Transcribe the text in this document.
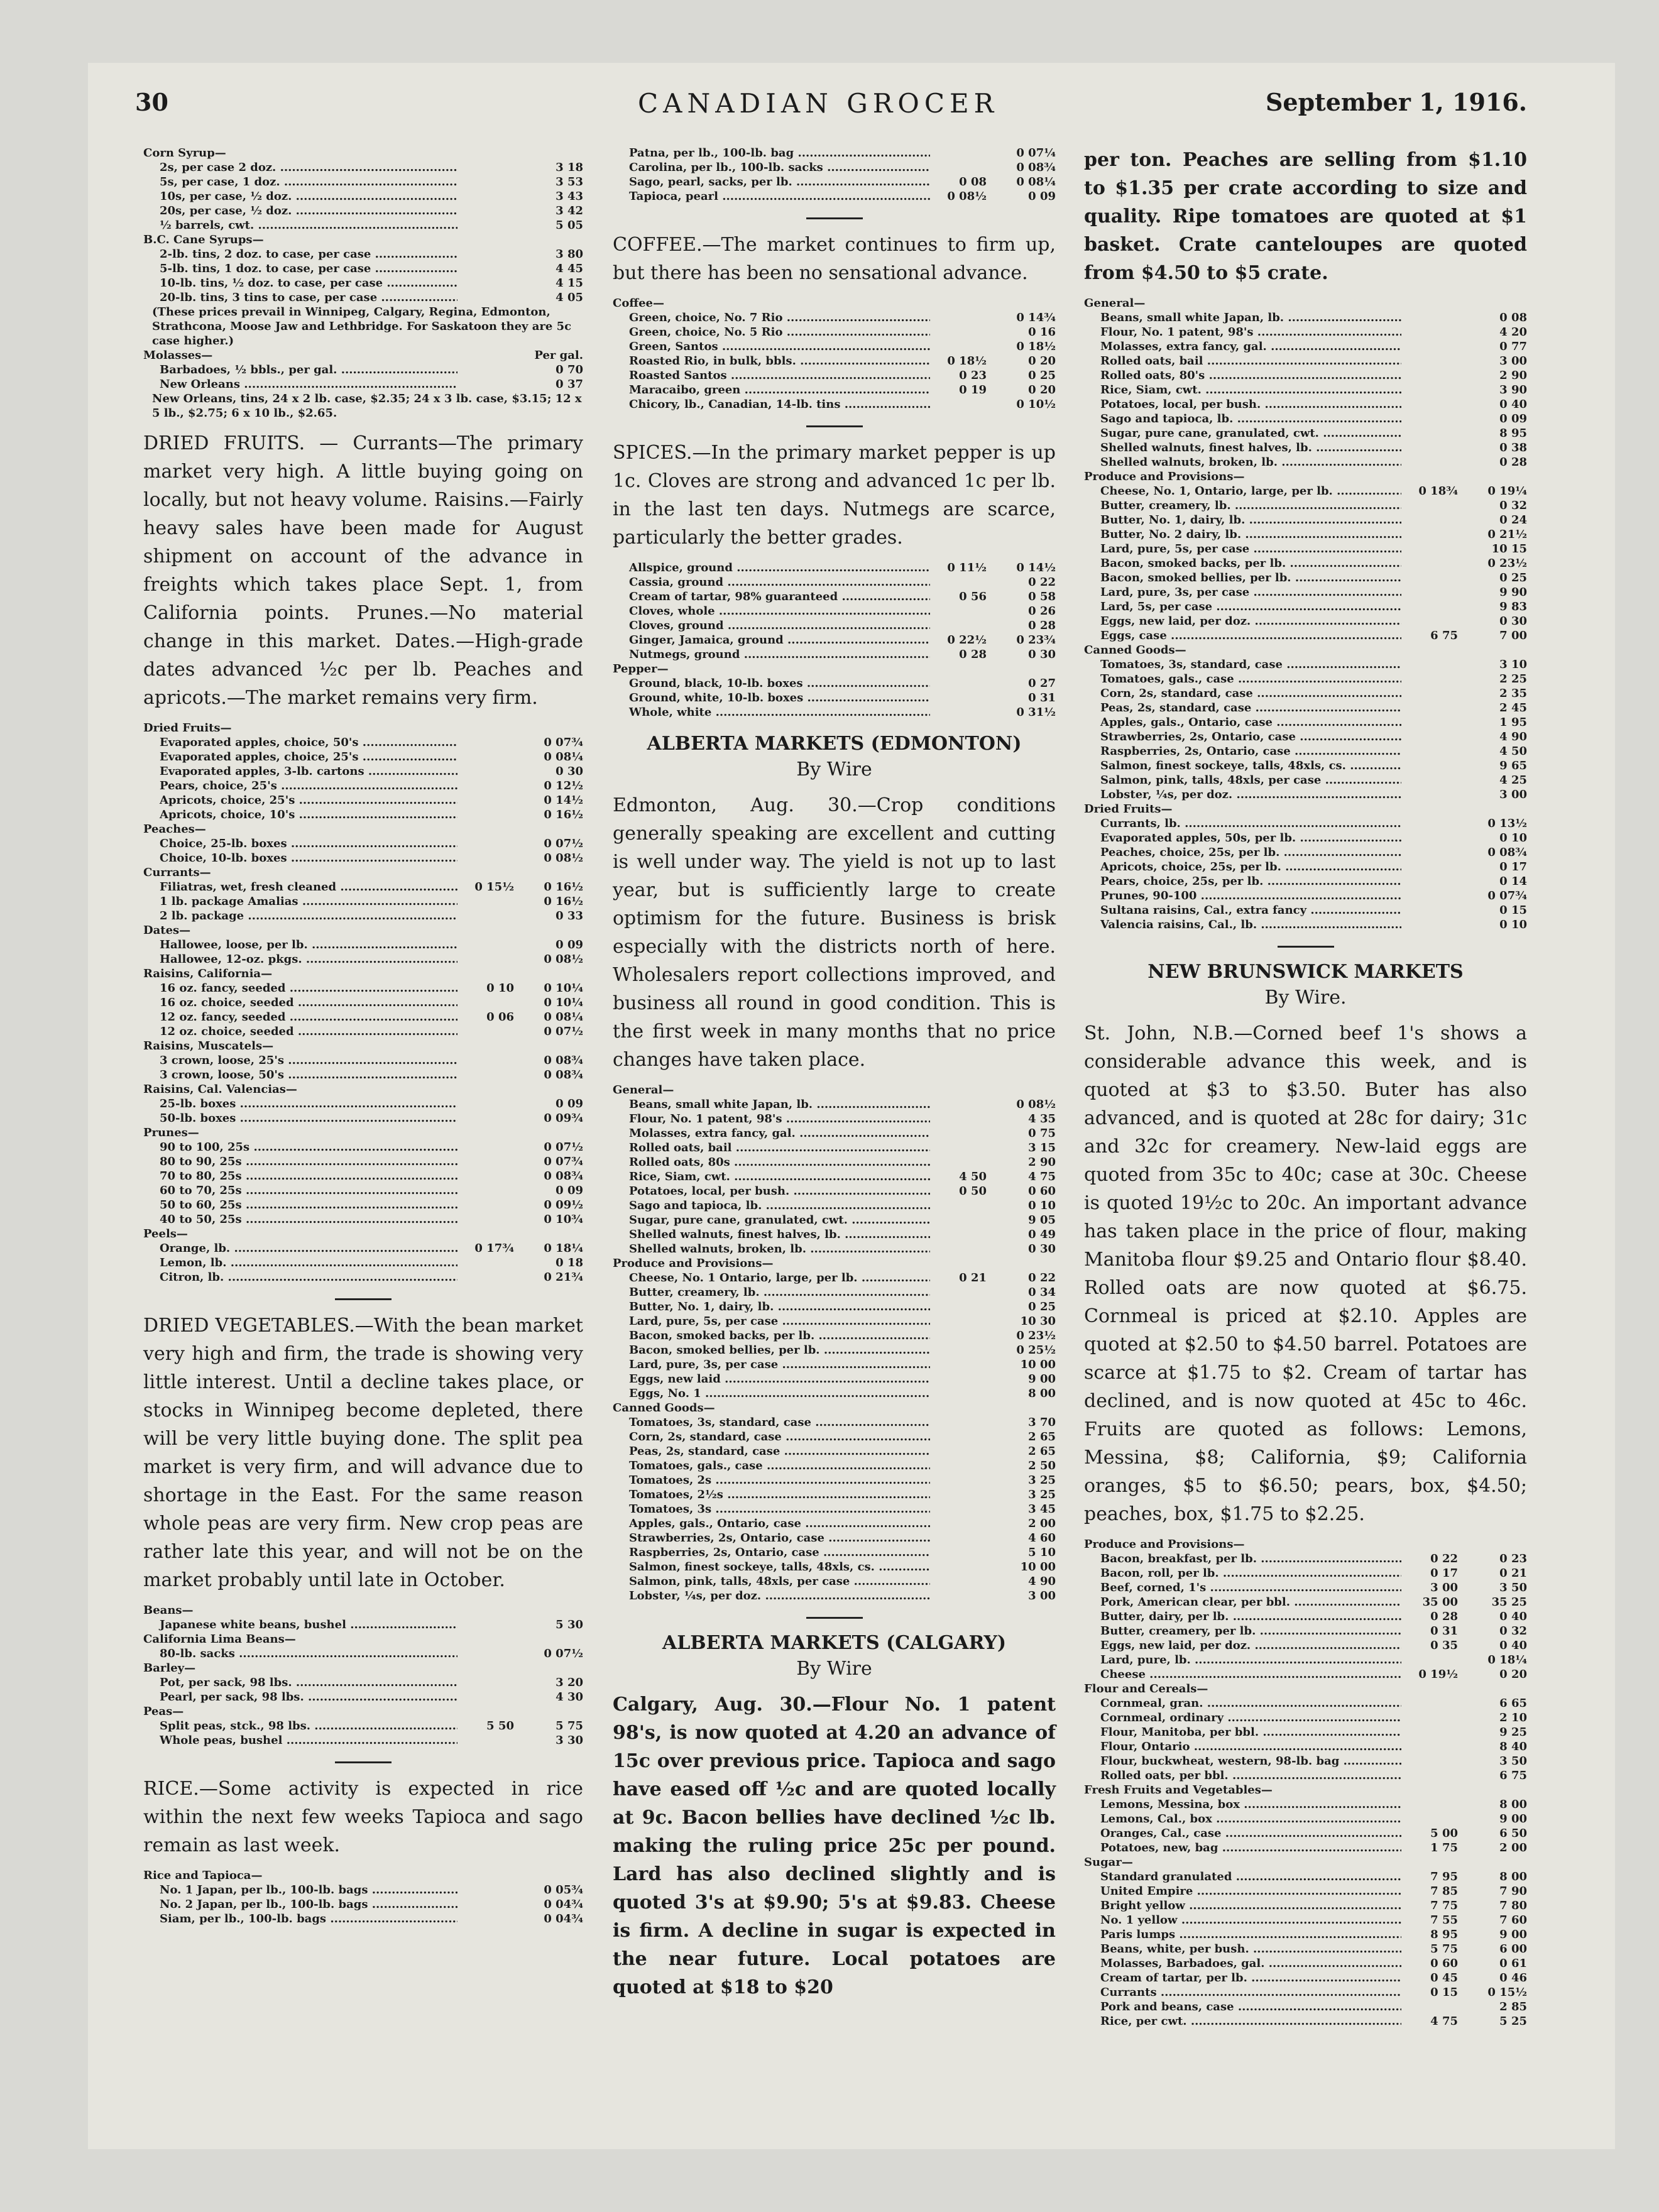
30	CANADIAN GROCER	September 1, 1916.
Corn Syrup—
2s, per case 2 doz. .....	3 18
5s, per case, 1 doz. .....	3 53
10s, per case, ½ doz. .....	3 43
20s, per case, ½ doz. .....	3 42
½ barrels, cwt. .....	5 05
B.C. Cane Syrups—
2-lb. tins, 2 doz. to case, per case .....	3 80
5-lb. tins, 1 doz. to case, per case .....	4 45
10-lb. tins, ½ doz. to case, per case .....	4 15
20-lb. tins, 3 tins to case, per case .....	4 05
(These prices prevail in Winnipeg, Calgary, Regina, Edmonton, Strathcona, Moose Jaw and Lethbridge. For Saskatoon they are 5c case higher.)
Molasses—	Per gal.
Barbadoes, ½ bbls., per gal. .....	0 70
New Orleans .....	0 37
New Orleans, tins, 24 x 2 lb. case, $2.35; 24 x 3 lb. case, $3.15; 12 x 5 lb., $2.75; 6 x 10 lb., $2.65.
DRIED FRUITS. — Currants—The primary market very high. A little buying going on locally, but not heavy volume. Raisins.—Fairly heavy sales have been made for August shipment on account of the advance in freights which takes place Sept. 1, from California points. Prunes.—No material change in this market. Dates.—High-grade dates advanced ½c per lb. Peaches and apricots.—The market remains very firm.
Dried Fruits—
Evaporated apples, choice, 50's .....	0 07¾
Evaporated apples, choice, 25's .....	0 08¼
Evaporated apples, 3-lb. cartons .....	0 30
Pears, choice, 25's .....	0 12½
Apricots, choice, 25's .....	0 14½
Apricots, choice, 10's .....	0 16½
Peaches—
Choice, 25-lb. boxes .....	0 07½
Choice, 10-lb. boxes .....	0 08½
Currants—
Filiatras, wet, fresh cleaned .....	0 15½	0 16½
1 lb. package Amalias .....	0 16½
2 lb. package .....	0 33
Dates—
Hallowee, loose, per lb. .....	0 09
Hallowee, 12-oz. pkgs. .....	0 08½
Raisins, California—
16 oz. fancy, seeded .....	0 10	0 10¼
16 oz. choice, seeded .....	0 10¼
12 oz. fancy, seeded .....	0 06	0 08¼
12 oz. choice, seeded .....	0 07½
Raisins, Muscatels—
3 crown, loose, 25's .....	0 08¾
3 crown, loose, 50's .....	0 08¾
Raisins, Cal. Valencias—
25-lb. boxes .....	0 09
50-lb. boxes .....	0 09¾
Prunes—
90 to 100, 25s .....	0 07½
80 to 90, 25s .....	0 07¾
70 to 80, 25s .....	0 08¾
60 to 70, 25s .....	0 09
50 to 60, 25s .....	0 09½
40 to 50, 25s .....	0 10¾
Peels—
Orange, lb. .....	0 17¾	0 18¼
Lemon, lb. .....	0 18
Citron, lb. .....	0 21¾
DRIED VEGETABLES.—With the bean market very high and firm, the trade is showing very little interest. Until a decline takes place, or stocks in Winnipeg become depleted, there will be very little buying done. The split pea market is very firm, and will advance due to shortage in the East. For the same reason whole peas are very firm. New crop peas are rather late this year, and will not be on the market probably until late in October.
Beans—
Japanese white beans, bushel .....	5 30
California Lima Beans—
80-lb. sacks .....	0 07½
Barley—
Pot, per sack, 98 lbs. .....	3 20
Pearl, per sack, 98 lbs. .....	4 30
Peas—
Split peas, stck., 98 lbs. .....	5 50	5 75
Whole peas, bushel .....	3 30
RICE.—Some activity is expected in rice within the next few weeks Tapioca and sago remain as last week.
Rice and Tapioca—
No. 1 Japan, per lb., 100-lb. bags .....	0 05¾
No. 2 Japan, per lb., 100-lb. bags .....	0 04¾
Siam, per lb., 100-lb. bags .....	0 04¾
Patna, per lb., 100-lb. bag .....	0 07¼
Carolina, per lb., 100-lb. sacks .....	0 08¾
Sago, pearl, sacks, per lb. .....	0 08	0 08¼
Tapioca, pearl .....	0 08½	0 09
COFFEE.—The market continues to firm up, but there has been no sensational advance.
Coffee—
Green, choice, No. 7 Rio .....	0 14¾
Green, choice, No. 5 Rio .....	0 16
Green, Santos .....	0 18½
Roasted Rio, in bulk, bbls. .....	0 18½	0 20
Roasted Santos .....	0 23	0 25
Maracaibo, green .....	0 19	0 20
Chicory, lb., Canadian, 14-lb. tins .....	0 10½
SPICES.—In the primary market pepper is up 1c. Cloves are strong and advanced 1c per lb. in the last ten days. Nutmegs are scarce, particularly the better grades.
Allspice, ground .....	0 11½	0 14½
Cassia, ground .....	0 22
Cream of tartar, 98% guaranteed .....	0 56	0 58
Cloves, whole .....	0 26
Cloves, ground .....	0 28
Ginger, Jamaica, ground .....	0 22½	0 23¾
Nutmegs, ground .....	0 28	0 30
Pepper—
Ground, black, 10-lb. boxes .....	0 27
Ground, white, 10-lb. boxes .....	0 31
Whole, white .....	0 31½
ALBERTA MARKETS (EDMONTON)
By Wire
Edmonton, Aug. 30.—Crop conditions generally speaking are excellent and cutting is well under way. The yield is not up to last year, but is sufficiently large to create optimism for the future. Business is brisk especially with the districts north of here. Wholesalers report collections improved, and business all round in good condition. This is the first week in many months that no price changes have taken place.
General—
Beans, small white Japan, lb. .....	0 08½
Flour, No. 1 patent, 98's .....	4 35
Molasses, extra fancy, gal. .....	0 75
Rolled oats, bail .....	3 15
Rolled oats, 80s .....	2 90
Rice, Siam, cwt. .....	4 50	4 75
Potatoes, local, per bush. .....	0 50	0 60
Sago and tapioca, lb. .....	0 10
Sugar, pure cane, granulated, cwt. .....	9 05
Shelled walnuts, finest halves, lb. .....	0 49
Shelled walnuts, broken, lb. .....	0 30
Produce and Provisions—
Cheese, No. 1 Ontario, large, per lb. .....	0 21	0 22
Butter, creamery, lb. .....	0 34
Butter, No. 1, dairy, lb. .....	0 25
Lard, pure, 5s, per case .....	10 30
Bacon, smoked backs, per lb. .....	0 23½
Bacon, smoked bellies, per lb. .....	0 25½
Lard, pure, 3s, per case .....	10 00
Eggs, new laid .....	9 00
Eggs, No. 1 .....	8 00
Canned Goods—
Tomatoes, 3s, standard, case .....	3 70
Corn, 2s, standard, case .....	2 65
Peas, 2s, standard, case .....	2 65
Tomatoes, gals., case .....	2 50
Tomatoes, 2s .....	3 25
Tomatoes, 2½s .....	3 25
Tomatoes, 3s .....	3 45
Apples, gals., Ontario, case .....	2 00
Strawberries, 2s, Ontario, case .....	4 60
Raspberries, 2s, Ontario, case .....	5 10
Salmon, finest sockeye, talls, 48xls, cs. .....	10 00
Salmon, pink, talls, 48xls, per case .....	4 90
Lobster, ¼s, per doz. .....	3 00
ALBERTA MARKETS (CALGARY)
By Wire
Calgary, Aug. 30.—Flour No. 1 patent 98's, is now quoted at 4.20 an advance of 15c over previous price. Tapioca and sago have eased off ½c and are quoted locally at 9c. Bacon bellies have declined ½c lb. making the ruling price 25c per pound. Lard has also declined slightly and is quoted 3's at $9.90; 5's at $9.83. Cheese is firm. A decline in sugar is expected in the near future. Local potatoes are quoted at $18 to $20
per ton. Peaches are selling from $1.10 to $1.35 per crate according to size and quality. Ripe tomatoes are quoted at $1 basket. Crate canteloupes are quoted from $4.50 to $5 crate.
General—
Beans, small white Japan, lb. .....	0 08
Flour, No. 1 patent, 98's .....	4 20
Molasses, extra fancy, gal. .....	0 77
Rolled oats, bail .....	3 00
Rolled oats, 80's .....	2 90
Rice, Siam, cwt. .....	3 90
Potatoes, local, per bush. .....	0 40
Sago and tapioca, lb. .....	0 09
Sugar, pure cane, granulated, cwt. .....	8 95
Shelled walnuts, finest halves, lb. .....	0 38
Shelled walnuts, broken, lb. .....	0 28
Produce and Provisions—
Cheese, No. 1, Ontario, large, per lb. .....	0 18¾	0 19¼
Butter, creamery, lb. .....	0 32
Butter, No. 1, dairy, lb. .....	0 24
Butter, No. 2 dairy, lb. .....	0 21½
Lard, pure, 5s, per case .....	10 15
Bacon, smoked backs, per lb. .....	0 23½
Bacon, smoked bellies, per lb. .....	0 25
Lard, pure, 3s, per case .....	9 90
Lard, 5s, per case .....	9 83
Eggs, new laid, per doz. .....	0 30
Eggs, case .....	6 75	7 00
Canned Goods—
Tomatoes, 3s, standard, case .....	3 10
Tomatoes, gals., case .....	2 25
Corn, 2s, standard, case .....	2 35
Peas, 2s, standard, case .....	2 45
Apples, gals., Ontario, case .....	1 95
Strawberries, 2s, Ontario, case .....	4 90
Raspberries, 2s, Ontario, case .....	4 50
Salmon, finest sockeye, talls, 48xls, cs. .....	9 65
Salmon, pink, talls, 48xls, per case .....	4 25
Lobster, ¼s, per doz. .....	3 00
Dried Fruits—
Currants, lb. .....	0 13½
Evaporated apples, 50s, per lb. .....	0 10
Peaches, choice, 25s, per lb. .....	0 08¾
Apricots, choice, 25s, per lb. .....	0 17
Pears, choice, 25s, per lb. .....	0 14
Prunes, 90-100 .....	0 07¾
Sultana raisins, Cal., extra fancy .....	0 15
Valencia raisins, Cal., lb. .....	0 10
NEW BRUNSWICK MARKETS
By Wire.
St. John, N.B.—Corned beef 1's shows a considerable advance this week, and is quoted at $3 to $3.50. Buter has also advanced, and is quoted at 28c for dairy; 31c and 32c for creamery. New-laid eggs are quoted from 35c to 40c; case at 30c. Cheese is quoted 19½c to 20c. An important advance has taken place in the price of flour, making Manitoba flour $9.25 and Ontario flour $8.40. Rolled oats are now quoted at $6.75. Cornmeal is priced at $2.10. Apples are quoted at $2.50 to $4.50 barrel. Potatoes are scarce at $1.75 to $2. Cream of tartar has declined, and is now quoted at 45c to 46c. Fruits are quoted as follows: Lemons, Messina, $8; California, $9; California oranges, $5 to $6.50; pears, box, $4.50; peaches, box, $1.75 to $2.25.
Produce and Provisions—
Bacon, breakfast, per lb. .....	0 22	0 23
Bacon, roll, per lb. .....	0 17	0 21
Beef, corned, 1's .....	3 00	3 50
Pork, American clear, per bbl. .....	35 00	35 25
Butter, dairy, per lb. .....	0 28	0 40
Butter, creamery, per lb. .....	0 31	0 32
Eggs, new laid, per doz. .....	0 35	0 40
Lard, pure, lb. .....	0 18¼
Cheese .....	0 19½	0 20
Flour and Cereals—
Cornmeal, gran. .....	6 65
Cornmeal, ordinary .....	2 10
Flour, Manitoba, per bbl. .....	9 25
Flour, Ontario .....	8 40
Flour, buckwheat, western, 98-lb. bag .....	3 50
Rolled oats, per bbl. .....	6 75
Fresh Fruits and Vegetables—
Lemons, Messina, box .....	8 00
Lemons, Cal., box .....	9 00
Oranges, Cal., case .....	5 00	6 50
Potatoes, new, bag .....	1 75	2 00
Sugar—
Standard granulated .....	7 95	8 00
United Empire .....	7 85	7 90
Bright yellow .....	7 75	7 80
No. 1 yellow .....	7 55	7 60
Paris lumps .....	8 95	9 00
Beans, white, per bush. .....	5 75	6 00
Molasses, Barbadoes, gal. .....	0 60	0 61
Cream of tartar, per lb. .....	0 45	0 46
Currants .....	0 15	0 15½
Pork and beans, case .....	2 85
Rice, per cwt. .....	4 75	5 25
